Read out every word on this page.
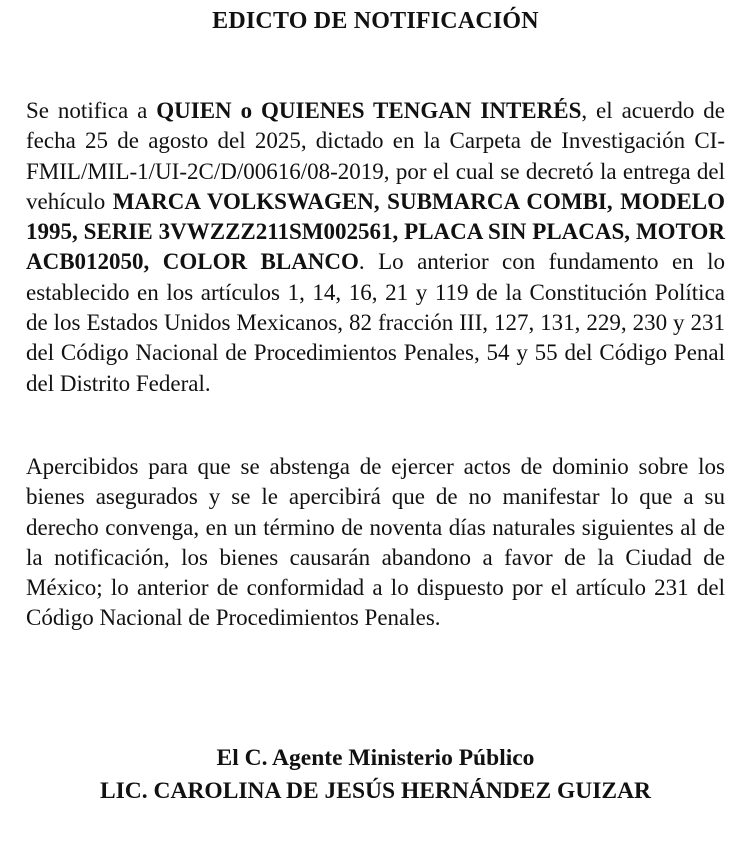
EDICTO DE NOTIFICACIÓN

Se notifica a QUIEN o QUIENES TENGAN INTERÉS, el acuerdo de fecha 25 de agosto del 2025, dictado en la Carpeta de Investigación CI-FMIL/MIL-1/UI-2C/D/00616/08-2019, por el cual se decretó la entrega del vehículo MARCA VOLKSWAGEN, SUBMARCA COMBI, MODELO 1995, SERIE 3VWZZZ211SM002561, PLACA SIN PLACAS, MOTOR ACB012050, COLOR BLANCO. Lo anterior con fundamento en lo establecido en los artículos 1, 14, 16, 21 y 119 de la Constitución Política de los Estados Unidos Mexicanos, 82 fracción III, 127, 131, 229, 230 y 231 del Código Nacional de Procedimientos Penales, 54 y 55 del Código Penal del Distrito Federal.

Apercibidos para que se abstenga de ejercer actos de dominio sobre los bienes asegurados y se le apercibirá que de no manifestar lo que a su derecho convenga, en un término de noventa días naturales siguientes al de la notificación, los bienes causarán abandono a favor de la Ciudad de México; lo anterior de conformidad a lo dispuesto por el artículo 231 del Código Nacional de Procedimientos Penales.

El C. Agente Ministerio Público
LIC. CAROLINA DE JESÚS HERNÁNDEZ GUIZAR
